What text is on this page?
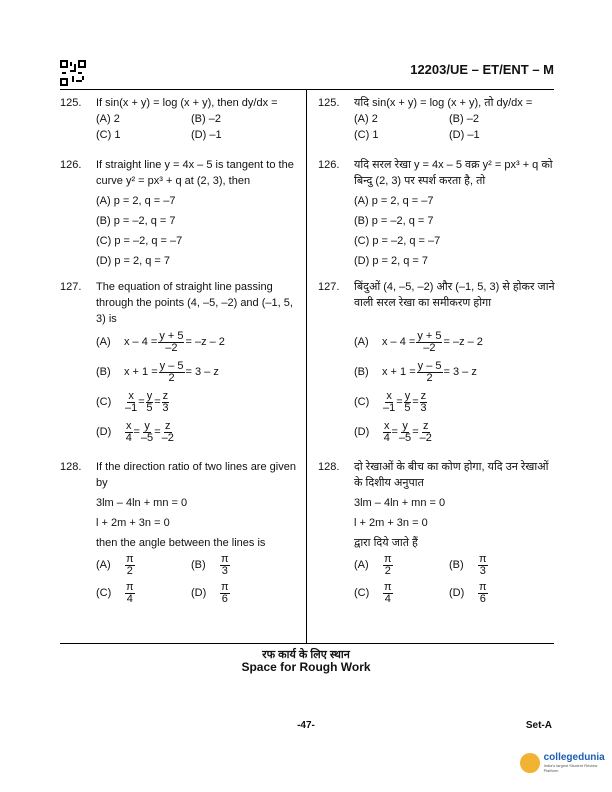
12203/UE – ET/ENT – M
125. If sin(x + y) = log (x + y), then dy/dx =
(A) 2	(B) –2
(C) 1	(D) –1
126. If straight line y = 4x – 5 is tangent to the curve y² = px³ + q at (2, 3), then
(A) p = 2, q = –7
(B) p = –2, q = 7
(C) p = –2, q = –7
(D) p = 2, q = 7
127. The equation of straight line passing through the points (4, –5, –2) and (–1, 5, 3) is
(A)	$x - 4 = \frac{y + 5}{-2} = -z - 2$
(B)	$x + 1 = \frac{y - 5}{2} = 3 - z$
(C)	$\frac{x}{-1} = \frac{y}{5} = \frac{z}{3}$
(D)	$\frac{x}{4} = \frac{y}{-5} = \frac{z}{-2}$
128. If the direction ratio of two lines are given by
3lm – 4ln + mn = 0
l + 2m + 3n = 0
then the angle between the lines is
(A)	$\frac{\pi}{2}$	(B)	$\frac{\pi}{3}$
(C)	$\frac{\pi}{4}$	(D)	$\frac{\pi}{6}$
125. यदि sin(x + y) = log (x + y), तो dy/dx =
(A) 2	(B) –2
(C) 1	(D) –1
126. यदि सरल रेखा y = 4x – 5 वक्र y² = px³ + q को बिन्दु (2, 3) पर स्पर्श करता है, तो
(A) p = 2, q = –7
(B) p = –2, q = 7
(C) p = –2, q = –7
(D) p = 2, q = 7
127. बिंदुओं (4, –5, –2) और (–1, 5, 3) से होकर जाने वाली सरल रेखा का समीकरण होगा
(A)	$x - 4 = \frac{y + 5}{-2} = -z - 2$
(B)	$x + 1 = \frac{y - 5}{2} = 3 - z$
(C)	$\frac{x}{-1} = \frac{y}{5} = \frac{z}{3}$
(D)	$\frac{x}{4} = \frac{y}{-5} = \frac{z}{-2}$
128. दो रेखाओं के बीच का कोण होगा, यदि उन रेखाओं के दिशीय अनुपात
3lm – 4ln + mn = 0
l + 2m + 3n = 0
द्वारा दिये जाते हैं
(A)	$\frac{\pi}{2}$	(B)	$\frac{\pi}{3}$
(C)	$\frac{\pi}{4}$	(D)	$\frac{\pi}{6}$
रफ कार्य के लिए स्थान
Space for Rough Work
-47-	Set-A
collegedunia
India's largest Student Review Platform
